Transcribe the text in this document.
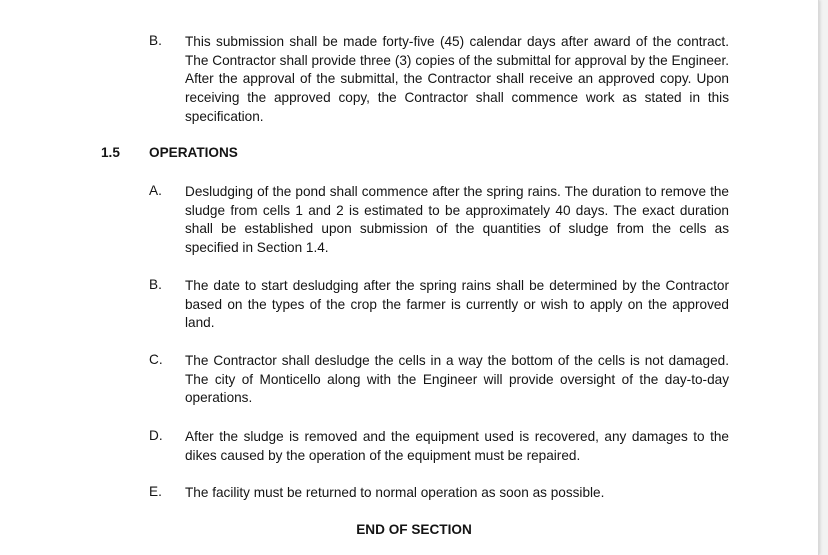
B.	This submission shall be made forty-five (45) calendar days after award of the contract. The Contractor shall provide three (3) copies of the submittal for approval by the Engineer. After the approval of the submittal, the Contractor shall receive an approved copy. Upon receiving the approved copy, the Contractor shall commence work as stated in this specification.
1.5 OPERATIONS
A.	Desludging of the pond shall commence after the spring rains. The duration to remove the sludge from cells 1 and 2 is estimated to be approximately 40 days. The exact duration shall be established upon submission of the quantities of sludge from the cells as specified in Section 1.4.
B.	The date to start desludging after the spring rains shall be determined by the Contractor based on the types of the crop the farmer is currently or wish to apply on the approved land.
C.	The Contractor shall desludge the cells in a way the bottom of the cells is not damaged. The city of Monticello along with the Engineer will provide oversight of the day-to-day operations.
D.	After the sludge is removed and the equipment used is recovered, any damages to the dikes caused by the operation of the equipment must be repaired.
E.	The facility must be returned to normal operation as soon as possible.
END OF SECTION
